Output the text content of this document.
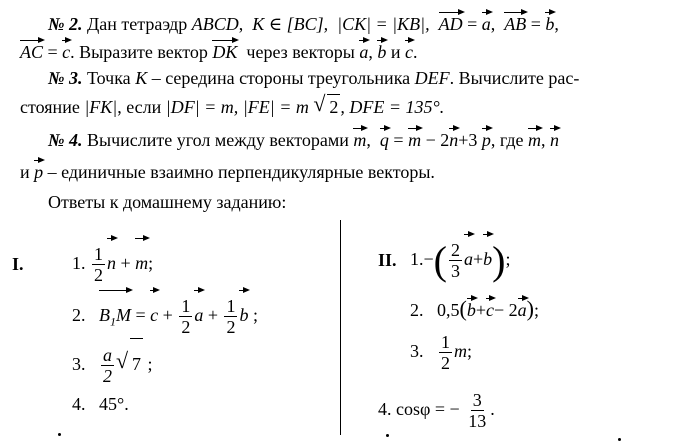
№ 2. Дан тетраэдр ABCD,  K ∈ [BC], |CK| = |KB|, AD = a,  AB = b,
AC = c. Выразите вектор DK через векторы a, b и c.
№ 3. Точка K – середина стороны треугольника DEF. Вычислите рас-
стояние |FK|, если |DF| = m, |FE| = m √ 2 , DFE = 135°.
№ 4. Вычислите угол между векторами m,  q = m − 2n+3 p, где m, n
и p – единичные взаимно перпендикулярные векторы.
Ответы к домашнему заданию:
I.	1. $\frac{1}{2}$ n + m;
2. $B_1M = c + \frac{1}{2}$ $a + \frac{1}{2}$ b ;
3. $\frac{a}{2}$ √ 7 ;
4. 45°.
II. $1.-( \frac{2}{3} a+b)$;
2. 0,5(b+c− 2a);
3. $\frac{1}{2} m$;
4. cosφ = − $\frac{3}{13}$ .
